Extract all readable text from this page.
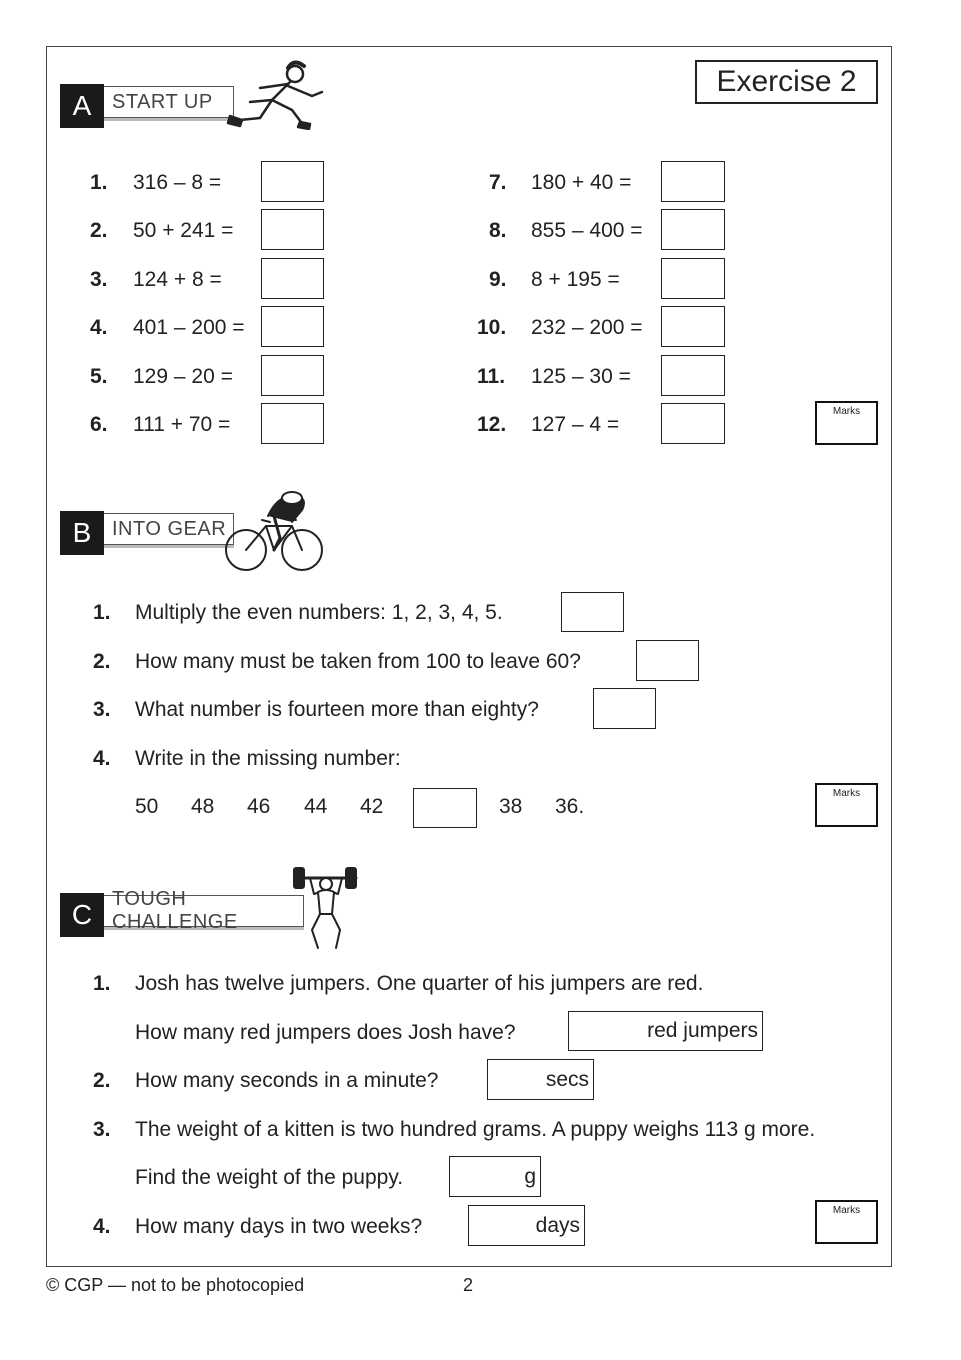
Exercise 2
START UP
A
1. 316 – 8 =
2. 50 + 241 =
3. 124 + 8 =
4. 401 – 200 =
5. 129 – 20 =
6. 111 + 70 =
7. 180 + 40 =
8. 855 – 400 =
9. 8 + 195 =
10. 232 – 200 =
11. 125 – 30 =
12. 127 – 4 =
Marks
INTO GEAR
B
1. Multiply the even numbers: 1, 2, 3, 4, 5.
2. How many must be taken from 100 to leave 60?
3. What number is fourteen more than eighty?
4. Write in the missing number:
50 48 46 44 42	38 36.
Marks
TOUGH CHALLENGE
C
1. Josh has twelve jumpers. One quarter of his jumpers are red.
How many red jumpers does Josh have?	red jumpers
2. How many seconds in a minute?	secs
3. The weight of a kitten is two hundred grams. A puppy weighs 113 g more.
Find the weight of the puppy.	g
4. How many days in two weeks?	days
Marks
© CGP — not to be photocopied	2
